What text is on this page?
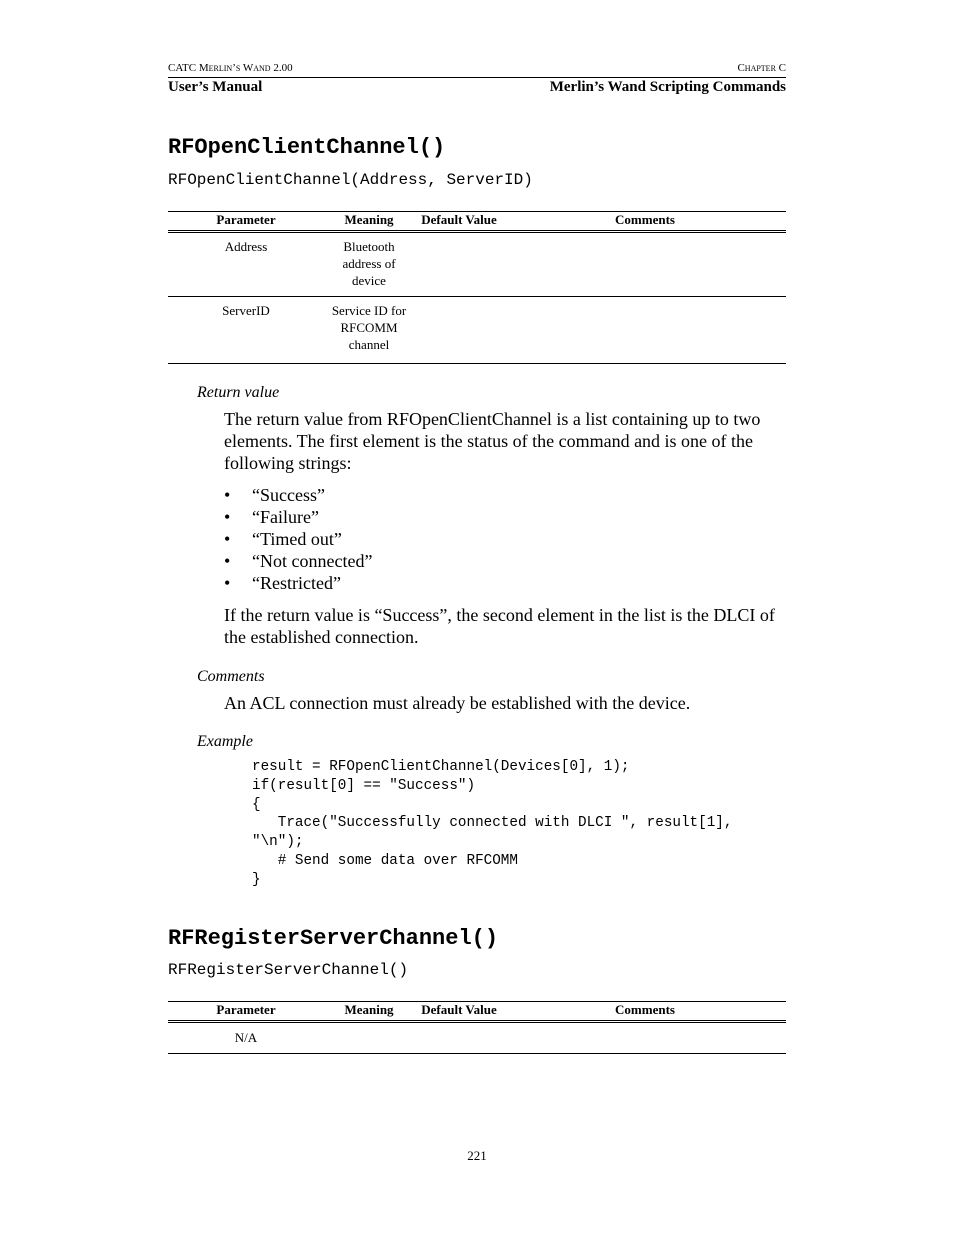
CATC Merlin’s Wand 2.00	Chapter C
User’s Manual	Merlin’s Wand Scripting Commands
RFOpenClientChannel()
RFOpenClientChannel(Address, ServerID)
Parameter	Meaning	Default Value	Comments
Address	Bluetooth address of device		
ServerID	Service ID for RFCOMM channel		
Return value
The return value from RFOpenClientChannel is a list containing up to two elements. The first element is the status of the command and is one of the following strings:
• “Success”
• “Failure”
• “Timed out”
• “Not connected”
• “Restricted”
If the return value is “Success”, the second element in the list is the DLCI of the established connection.
Comments
An ACL connection must already be established with the device.
Example
result = RFOpenClientChannel(Devices[0], 1);
if(result[0] == "Success")
{
Trace("Successfully connected with DLCI ", result[1],
"\n");
# Send some data over RFCOMM
}
RFRegisterServerChannel()
RFRegisterServerChannel()
Parameter	Meaning	Default Value	Comments
N/A			
221
